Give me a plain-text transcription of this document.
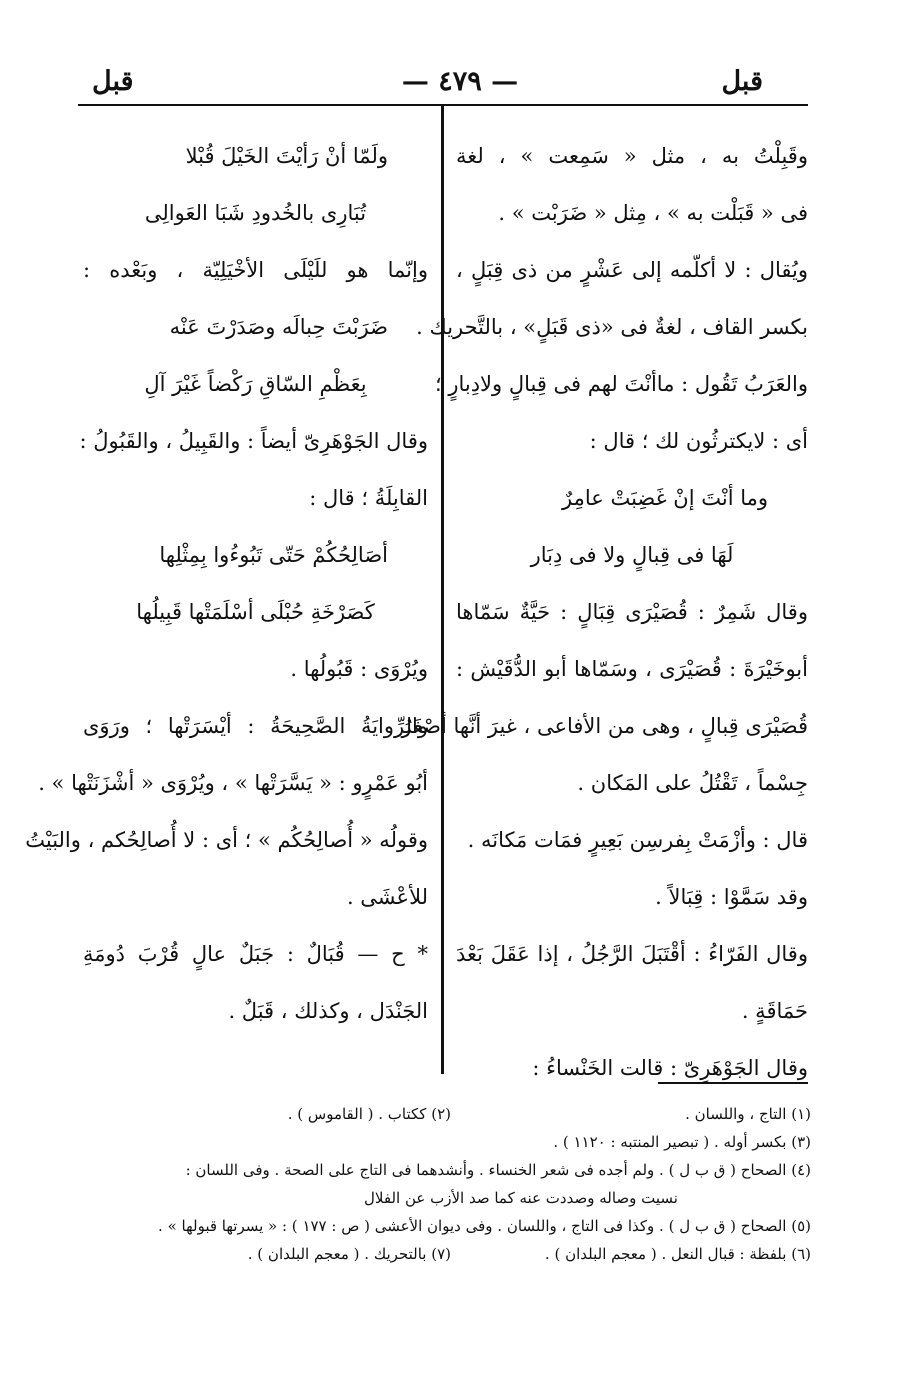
قبل
— ٤٧٩ —
قبل
وقَبِلْتُ به ، مثل « سَمِعت » ، لغة
فى « قَبَلْت به » ، مِثل « ضَرَبْت » .
ويُقال : لا أكلّمه إلى عَشْرٍ من ذى قِبَلٍ ،
بكسر القاف ، لغةٌ فى «ذى قَبَلٍ» ، بالتَّحريك .
والعَرَبُ تَقُول : ماأنْتَ لهم فى قِبالٍ ولادِبارٍ ؛
أى : لايكترثُون لك ؛ قال :
وما أنْتَ إنْ غَضِبَتْ عامِرٌ
لَهَا فى قِبالٍ ولا فى دِبَار
وقال شَمِرٌ : قُصَيْرَى قِبَالٍ : حَيَّةٌ سَمّاها
أبوخَيْرَةَ : قُصَيْرَى ، وسَمّاها أبو الدُّقَيْش :
قُصَيْرَى قِبالٍ ، وهى من الأفاعى ، غيرَ أنَّها أصْغَرُ
جِسْماً ، تَقْتُلُ على المَكان .
قال : وأزْمَتْ بِفرسِن بَعِيرٍ فمَات مَكانَه .
وقد سَمَّوْا : قِبَالاً .
وقال الفَرّاءُ : أقْتَبَلَ الرَّجُلُ ، إذا عَقَلَ بَعْدَ
حَمَاقَةٍ .
وقال الجَوْهَرِىّ : قالت الخَنْساءُ :
ولَمّا أنْ رَأيْتَ الخَيْلَ قُبْلا
تُبَارِى بالخُدودِ شَبَا العَوالِى
وإنّما هو للَيْلَى الأخْيَلِيّة ، وبَعْده :
ضَرَبْتَ حِبالَه وصَدَرْتَ عَنْه
بِعَظْمِ السّاقِ رَكْضاً غَيْرَ آلِ
وقال الجَوْهَرِىّ أيضاً : والقَبِيلُ ، والقَبُولُ :
القابِلَةُ ؛ قال :
أصَالِحُكُمْ حَتّى تَبُوءُوا بِمِثْلِها
كَصَرْخَةِ حُبْلَى أسْلَمَتْها قَبِيلُها
ويُرْوَى : قَبُولُها .
والرِّوايَةُ الصَّحِيحَةُ : أيْسَرَتْها ؛ ورَوَى
أبُو عَمْرٍو : « يَسَّرَتْها » ، ويُرْوَى « أشْزَنَتْها » .
وقولُه « أُصالِحُكُم » ؛ أى : لا أُصالِحُكم ، والبَيْتُ
للأعْشَى .
* ح — قُبَالٌ : جَبَلٌ عالٍ قُرْبَ دُومَةِ
الجَنْدَل ، وكذلك ، قَبَلٌ .
(١) التاج ، واللسان .
(٢) ككتاب . ( القاموس ) .
(٣) بكسر أوله . ( تبصير المنتبه : ١١٢٠ ) .
(٤) الصحاح ( ق ب ل ) . ولم أجده فى شعر الخنساء . وأنشدهما فى التاج على الصحة . وفى اللسان :
نسيت وصاله وصددت عنه كما صد الأزب عن الفلال
(٥) الصحاح ( ق ب ل ) . وكذا فى التاج ، واللسان . وفى ديوان الأعشى ( ص : ١٧٧ ) : « يسرتها قبولها » .
(٦) بلفظة : قبال النعل . ( معجم البلدان ) .
(٧) بالتحريك . ( معجم البلدان ) .
